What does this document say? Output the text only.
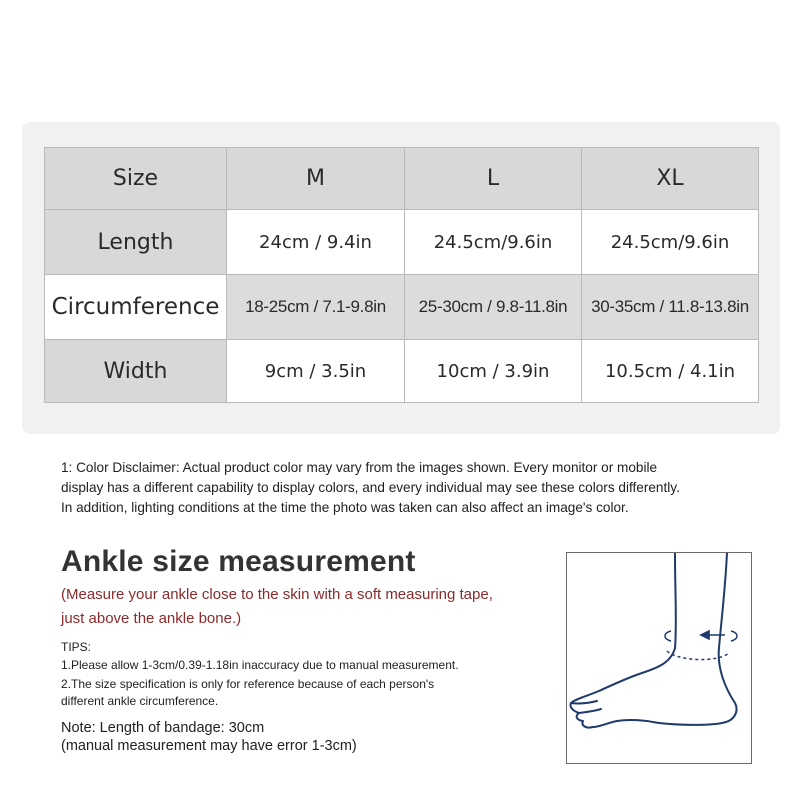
Size	M	L	XL
Length	24cm / 9.4in	24.5cm/9.6in	24.5cm/9.6in
Circumference	18-25cm / 7.1-9.8in	25-30cm / 9.8-11.8in	30-35cm / 11.8-13.8in
Width	9cm / 3.5in	10cm / 3.9in	10.5cm / 4.1in
1: Color Disclaimer: Actual product color may vary from the images shown. Every monitor or mobile
display has a different capability to display colors, and every individual may see these colors differently.
In addition, lighting conditions at the time the photo was taken can also affect an image's color.
Ankle size measurement
(Measure your ankle close to the skin with a soft measuring tape,
just above the ankle bone.)
TIPS:
1.Please allow 1-3cm/0.39-1.18in inaccuracy due to manual measurement.
2.The size specification is only for reference because of each person's
different ankle circumference.
Note: Length of bandage: 30cm
(manual measurement may have error 1-3cm)
